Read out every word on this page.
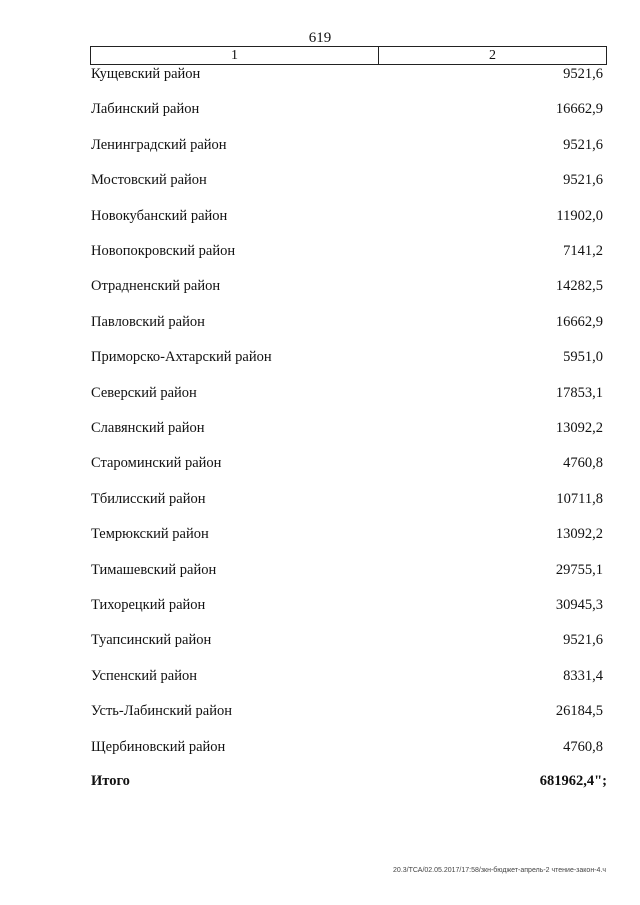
619
1	2
Кущевский район	9521,6
Лабинский район	16662,9
Ленинградский район	9521,6
Мостовский район	9521,6
Новокубанский район	11902,0
Новопокровский район	7141,2
Отрадненский район	14282,5
Павловский район	16662,9
Приморско-Ахтарский район	5951,0
Северский район	17853,1
Славянский район	13092,2
Староминский район	4760,8
Тбилисский район	10711,8
Темрюкский район	13092,2
Тимашевский район	29755,1
Тихорецкий район	30945,3
Туапсинский район	9521,6
Успенский район	8331,4
Усть-Лабинский район	26184,5
Щербиновский район	4760,8
Итого	681962,4";
20.3/ТСА/02.05.2017/17:58/зкн-бюджет-апрель-2 чтение-закон-4.ч
